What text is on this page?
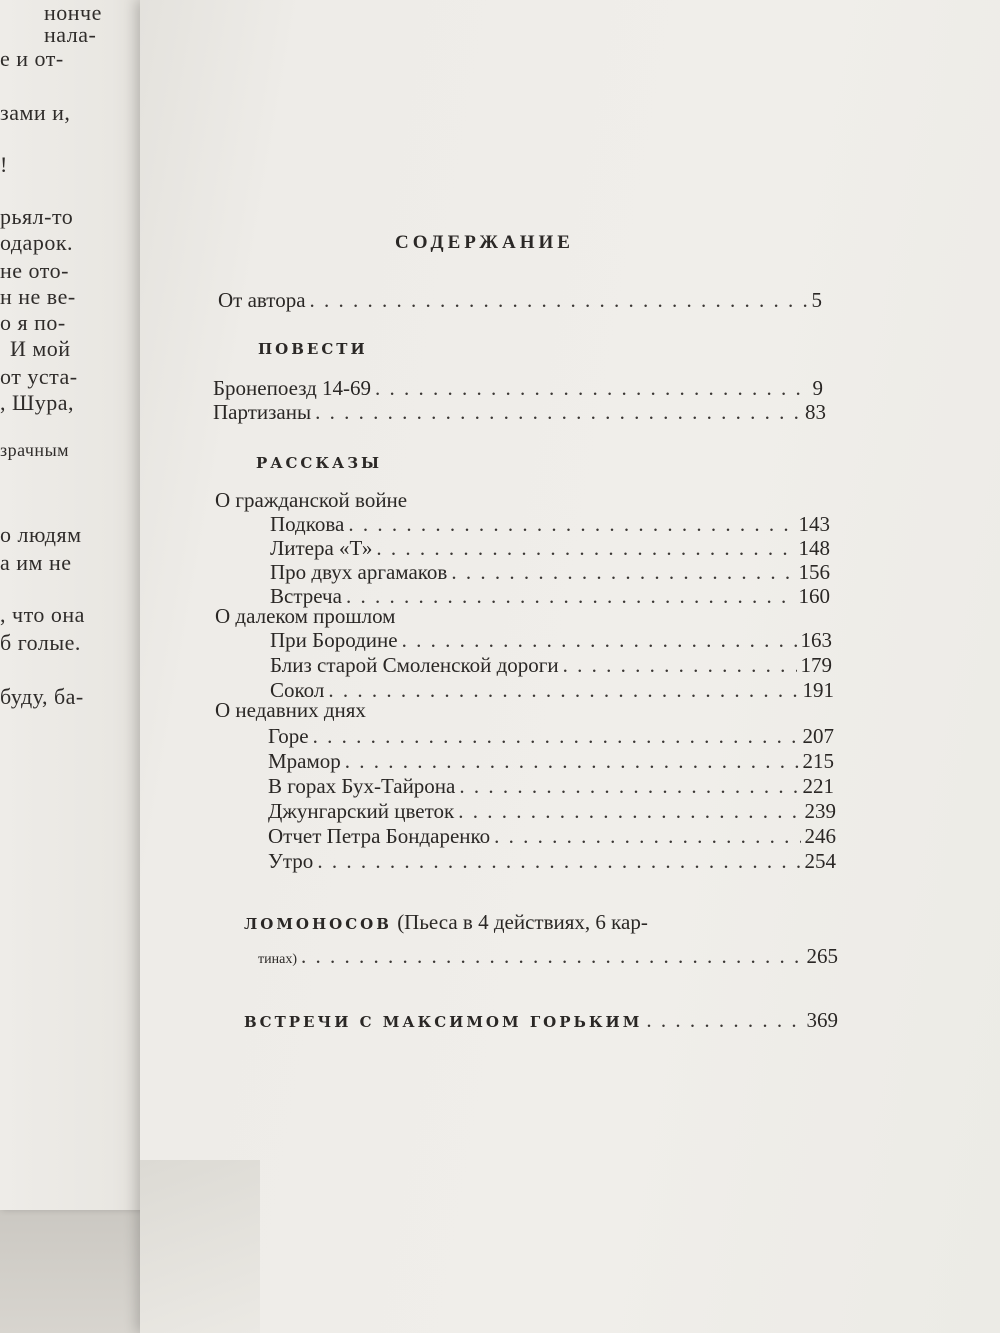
нонче
нала-
е и от-
зами и,
!
рьял-то
одарок.
не ото-
н не ве-
о я по-
И мой
от уста-
, Шура,
зрачным
о людям
а им не
, что она
б голые.
буду, ба-
СОДЕРЖАНИЕ
От автора . . .	5
ПОВЕСТИ
Бронепоезд 14-69 . . .	9
Партизаны . . .	83
РАССКАЗЫ
О гражданской войне
Подкова . . .	143
Литера «Т» . . .	148
Про двух аргамаков . . .	156
Встреча . . .	160
О далеком прошлом
При Бородине . . .	163
Близ старой Смоленской дороги . . .	179
Сокол . . .	191
О недавних днях
Горе . . .	207
Мрамор . . .	215
В горах Бух-Тайрона . . .	221
Джунгарский цветок . . .	239
Отчет Петра Бондаренко . . .	246
Утро . . .	254
ЛОМОНОСОВ (Пьеса в 4 действиях, 6 кар-
тинах) . . .	265
ВСТРЕЧИ С МАКСИМОМ ГОРЬКИМ . . .	369
